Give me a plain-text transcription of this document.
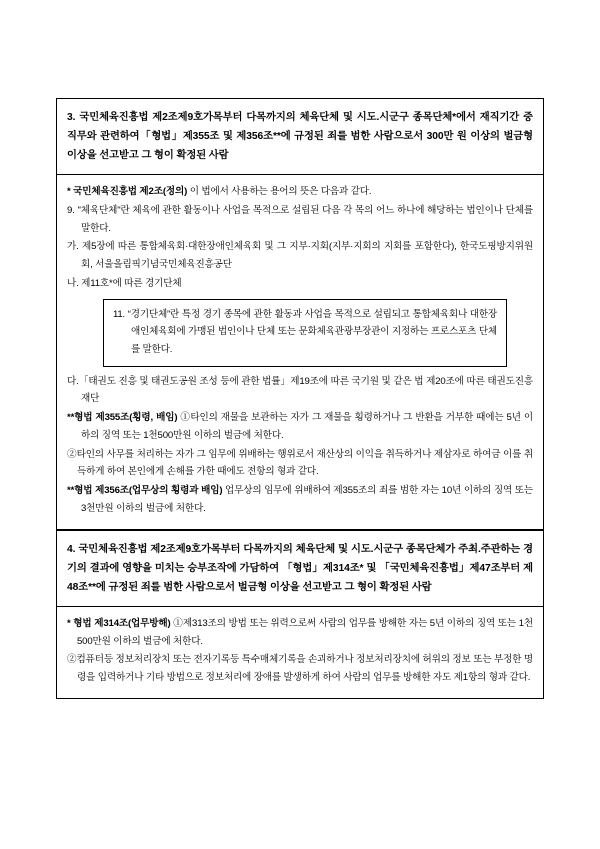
3. 국민체육진흥법 제2조제9호가목부터 다목까지의 체육단체 및 시도.시군구 종목단체*에서 재직기간 중 직무와 관련하여「형법」제355조 및 제356조**에 규정된 죄를 범한 사람으로서 300만 원 이상의 벌금형 이상을 선고받고 그 형이 확정된 사람

* 국민체육진흥법 제2조(정의) 이 법에서 사용하는 용어의 뜻은 다음과 같다.

9. "체육단체"란 체육에 관한 활동이나 사업을 목적으로 설립된 다음 각 목의 어느 하나에 해당하는 법인이나 단체를 말한다.

가. 제5장에 따른 통합체육회·대한장애인체육회 및 그 지부·지회(지부·지회의 지회를 포함한다), 한국도핑방지위원회, 서울올림픽기념국민체육진흥공단

나. 제11호*에 따른 경기단체

11. “경기단체”란 특정 경기 종목에 관한 활동과 사업을 목적으로 설립되고 통합체육회나 대한장애인체육회에 가맹된 법인이나 단체 또는 문화체육관광부장관이 지정하는 프로스포츠 단체를 말한다.

다.「태권도 진흥 및 태권도공원 조성 등에 관한 법률」제19조에 따른 국기원 및 같은 법 제20조에 따른 태권도진흥재단

**형법 제355조(횡령, 배임) ①타인의 재물을 보관하는 자가 그 재물을 횡령하거나 그 반환을 거부한 때에는 5년 이하의 징역 또는 1천500만원 이하의 벌금에 처한다.

②타인의 사무를 처리하는 자가 그 임무에 위배하는 행위로서 재산상의 이익을 취득하거나 제삼자로 하여금 이를 취득하게 하여 본인에게 손해를 가한 때에도 전항의 형과 같다.

**형법 제356조(업무상의 횡령과 배임) 업무상의 임무에 위배하여 제355조의 죄를 범한 자는 10년 이하의 징역 또는 3천만원 이하의 벌금에 처한다.

4. 국민체육진흥법 제2조제9호가목부터 다목까지의 체육단체 및 시도.시군구 종목단체가 주최.주관하는 경기의 결과에 영향을 미치는 승부조작에 가담하여 「형법」제314조* 및 「국민체육진흥법」제47조부터 제48조**에 규정된 죄를 범한 사람으로서 벌금형 이상을 선고받고 그 형이 확정된 사람

* 형법 제314조(업무방해) ①제313조의 방법 또는 위력으로써 사람의 업무를 방해한 자는 5년 이하의 징역 또는 1천500만원 이하의 벌금에 처한다.

②컴퓨터등 정보처리장치 또는 전자기록등 특수매체기록을 손괴하거나 정보처리장치에 허위의 정보 또는 부정한 명령을 입력하거나 기타 방법으로 정보처리에 장애를 발생하게 하여 사람의 업무를 방해한 자도 제1항의 형과 같다.
